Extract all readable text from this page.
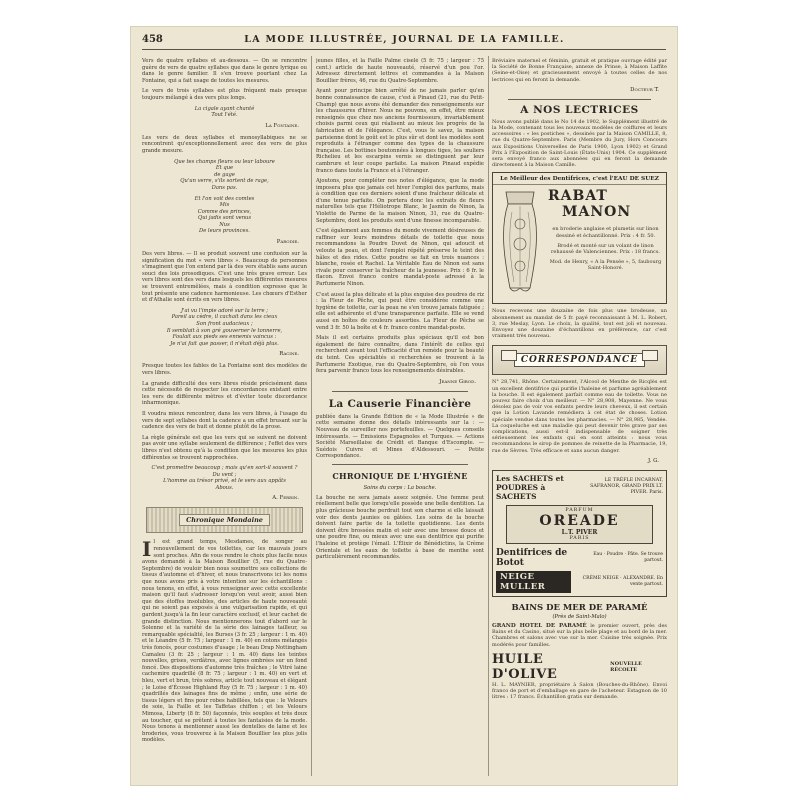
458	LA MODE ILLUSTRÉE, JOURNAL DE LA FAMILLE.

Vers de quatre syllabes et au-dessous. — On se rencontre guère de vers de quatre syllabes que dans le genre lyrique ou dans le genre familier. Il s'en trouve pourtant chez La Fontaine, qui a fait usage de toutes les mesures.

Le vers de trois syllabes est plus fréquent mais presque toujours mélangé à des vers plus longs.

La cigale ayant chanté
Tout l'été.

La Fontaine.

Les vers de deux syllabes et monosyllabiques ne se rencontrent qu'exceptionnellement avec des vers de plus grande mesure.

Que tes champs fleurs ou leur laboure
Et que
de gage
Qu'un verre, s'ils sortent de rage,
Dans pas.

Et l'on voit des comtes
Mis
Comme des princes,
Qui jadis sont venus
Nus
De leurs provinces.

Parodie.

Des vers libres. — Il se produit souvent une confusion sur la signification du mot « vers libres ». Beaucoup de personnes s'imaginent que l'on entend par là des vers établis sans aucun souci des lois prosodiques. C'est une très grave erreur. Les vers libres sont des vers dans lesquels les différentes mesures se trouvent entremêlées, mais à condition expresse que le tout présente une cadence harmonieuse. Les chœurs d'Esther et d'Athalie sont écrits en vers libres.

J'ai vu l'impie adoré sur la terre ;
Pareil au cèdre, il cachait dans les cieux
Son front audacieux ;
Il semblait à son gré gouverner le tonnerre,
Foulait aux pieds ses ennemis vaincus :
Je n'ai fait que passer, il n'était déjà plus.

Racine.

Presque toutes les fables de La Fontaine sont des modèles de vers libres.

La grande difficulté des vers libres réside précisément dans cette nécessité de respecter les concordances existant entre les vers de différente mètres et d'éviter toute discordance inharmonique.

Il voudra mieux rencontrer, dans les vers libres, à l'usage du vers de sept syllabes dont la cadence a un effet brusant sur la cadence des vers de huit et donne plutôt de la prose.

La règle générale est que les vers qui se suivent ne doivent pas avoir une syllabe seulement de différence ; l'effet des vers libres n'est obtenu qu'à la condition que les mesures les plus différentes se trouvent rapprochées.

C'est promettre beaucoup ; mais qu'en sort-il souvent ?
Du vent ;
L'homme au trésor privé, et le vers aux appâts
Abous.

A. Ferrin.

Chronique Mondaine

Il est grand temps, Mesdames, de songer au renouvellement de vos toilettes, car les mauvais jours sont proches. Afin de vous rendre le choix plus facile nous avons demandé à la Maison Bouillier (5, rue du Quatre-Septembre) de vouloir bien nous soumettre ses collections de tissus d'automne et d'hiver, et nous transcrivons ici les noms que nous avons pris à votre intention sur les échantillons : nous tenons, en effet, à vous renseigner avec cette excellente maison qu'il faut s'adresser lorsqu'on veut avoir, aussi bien que des étoffes insolubles, des articles de haute nouveauté qui ne soient pas exposés à une vulgarisation rapide, et qui gardent jusqu'à la fin leur caractère exclusif, et leur cachet de grande distinction. Nous mentionnerons tout d'abord sur le Solenne et la variété de la série des lainages tailleur, sa remarquable spécialité, les Burses (3 fr. 25 ; largeur : 1 m. 40) et le Léandre (5 fr. 75 ; largeur : 1 m. 40) en cotons mélangés très foncés, pour costumes d'usage ; le beau Drap Nottingham Camaïeu (3 fr. 25 ; largeur : 1 m. 40) dans les teintes nouvelles, grises, verdâtres, avec lignes ombrées sur un fond foncé. Des dispositions d'automne très fraîches ; le Vitré laine cachemire quadrillé (8 fr. 75 ; largeur : 1 m. 40) en vert et bleu, vert et brun, très sobres, article tout nouveau et élégant ; le Loise d'Écosse Highland Ruy (5 fr. 75 ; largeur : 1 m. 40) quadrillés des lainages fins de même ; enfin, une série de tissus légers et fins pour robes habillées, tels que : le Velours de soie, la Faille et les Taffetas chiffon ; et les Velours Mimosa, Liberty (8 fr. 50) façonnés, très souples et très doux au toucher, qui se prêtent à toutes les fantaisies de la mode. Nous tenons à mentionner aussi les dentelles de laine et les broderies, vous trouverez à la Maison Bouillier les plus jolis modèles.

jeunes filles, et la Faille Palme ciselé (5 fr. 75 ; largeur : 75 cent.) article de haute nouveauté, réservé d'un pou l'or. Adressez directement lettres et commandes à la Maison Bouillier frères, 46, rue du Quatre-Septembre.

Ayant pour principe bien arrêté de ne jamais parler qu'en bonne connaissance de cause, c'est à Pinaud (21, rue du Petit-Champ) que nous avons été demander des renseignements sur les chaussures d'hiver. Nous ne pouvons, en effet, être mieux renseignés que chez nos anciens fournisseurs, invariablement choisis parmi ceux qui réalisent au mieux les progrès de la fabrication et de l'élégance. C'est, vous le savez, la maison parisienne dont le goût est le plus sûr et dont les modèles sont reproduits à l'étranger comme des types de la chaussure française. Les bottines boutonnées à longues tiges, les souliers Richelieu et les escarpins vernis se distinguent par leur cambrure et leur coupe parfaite. La maison Pinaud expédie franco dans toute la France et à l'étranger.

Ajoutons, pour compléter nos notes d'élégance, que la mode imposera plus que jamais cet hiver l'emploi des parfums, mais à condition que ces derniers soient d'une fraîcheur délicate et d'une tenue parfaite. On portera donc les extraits de fleurs naturelles tels que l'Héliotrope Blanc, le Jasmin de Ninon, la Violette de Parme de la maison Ninon, 31, rue du Quatre-Septembre, dont les produits sont d'une finesse incomparable.

C'est également aux femmes du monde vivement désireuses de raffiner sur leurs moindres détails de toilette que nous recommandons la Poudre Duvet de Ninon, qui adoucit et veloute la peau, et dont l'emploi répété préserve le teint des hâles et des rides. Cette poudre se fait en trois nuances : blanche, rosée et Rachel. La Véritable Eau de Ninon est sans rivale pour conserver la fraîcheur de la jeunesse. Prix : 6 fr. le flacon. Envoi franco contre mandat-poste adressé à la Parfumerie Ninon.

C'est aussi la plus délicate et la plus exquise des poudres de riz : la Fleur de Pêche, qui peut être considérée comme une hygiène de toilette, car la peau ne s'en trouve jamais fatiguée ; elle est adhérente et d'une transparence parfaite. Elle se vend aussi en boîtes de couleurs assorties. La Fleur de Pêche se vend 3 fr. 50 la boîte et 4 fr. franco contre mandat-poste.

Mais il est certains produits plus spéciaux qu'il est bon également de faire connaître, dans l'intérêt de celles qui recherchent avant tout l'efficacité d'un remède pour la beauté du teint. Ces spécialités si recherchées se trouvent à la Parfumerie Exotique, rue du Quatre-Septembre, où l'on vous fera parvenir franco tous les renseignements désirables.

Jeanne Girod.

La Causerie Financière

publiée dans la Grande Édition de « la Mode Illustrée » de cette semaine donne des détails intéressants sur la : — Nouveau de surveiller nos portefeuilles. — Quelques conseils intéressants. — Emissions Espagnoles et Turques. — Actions Société Marseillaise de Crédit et Banque d'Escompte. — Suédois Cuivre et Mines d'Aldessouri. — Petite Correspondance.

CHRONIQUE DE L'HYGIÈNE

Soins du corps : La bouche.

La bouche ne sera jamais assez soignée. Une femme peut réellement belle que lorsqu'elle possède une belle dentition. La plus grâcieuse bouche perdrait tout son charme si elle laissait voir des dents jaunies ou gâtées. Les soins de la bouche doivent faire partie de la toilette quotidienne. Les dents doivent être brossées matin et soir avec une brosse douce et une poudre fine, ou mieux avec une eau dentifrice qui purifie l'haleine et protège l'émail. L'Élixir de Bénédictins, la Crème Orientale et les eaux de toilette à base de menthe sont particulièrement recommandés.

Bréviaire maternel et féminin, gratuit et pratique ouvrage édité par la Société de Bonne Française, annexe de Prinse, à Maison Laffite (Seine-et-Oise) et gracieusement envoyé à toutes celles de nos lectrices qui en feront la demande.

Docteur T.

A NOS LECTRICES

Nous avons publié dans le No 14 de 1902, le Supplément illustré de la Mode, contenant tous les nouveaux modèles de coiffures et leurs accessoires : « les postiches », dessinés par la Maison CAMILLE, 8, rue du Quatre-Septembre. Paris (Membre du Jury, Hors Concours aux Expositions Universelles de Paris 1900, Lyon 1902) et Grand Prix à l'Exposition de Saint-Louis (États-Unis) 1904. Ce supplément sera envoyé franco aux abonnées qui en feront la demande directement à la Maison Camille.

Le Meilleur des Dentifrices, c'est l'EAU DE SUEZ
RABAT
MANON

en broderie anglaise et plumetis sur linon dessiné et échantillonné. Prix : 4 fr. 50.

Brodé et monté sur un volant de linon rehaussé de Valenciennes. Prix : 18 francs.

Mod. de Henry, « A la Pensée », 5, faubourg Saint-Honoré.

Nous recevons une douzaine de fois plus une brodeuse, un abonnement au mandat de 5 fr. payé reconnaissant à M. L. Robert, 3, rue Meslay, Lyon. Le choix, la qualité, tout est joli et nouveau. Envoyez une douzaine d'échantillons en préférence, car c'est vraiment très nouveau.

CORRESPONDANCE

N° 28,741, Rhône. Certainement, l'Alcool de Menthe de Ricqlès est un excellent dentifrice qui purifie l'haleine et parfume agréablement la bouche. Il est également parfait comme eau de toilette. Vous ne pouvez faire choix d'un meilleur. — N° 28,908, Mayenne. Ne vous désolez pas de voir vos enfants perdre leurs cheveux, il est certain que la Lotion Lavande remédiera à cet état de choses. Lotion spéciale vendue dans toutes les pharmacies. — N° 28,985, Vendée. La coqueluche est une maladie qui peut devenir très grave par ses complications, aussi est-il indispensable de soigner très sérieusement les enfants qui en sont atteints : nous vous recommandons le sirop de pommes de reinette de la Pharmacie, 19, rue de Sèvres. Très efficace et sans aucun danger.

J. G.

Les SACHETS et POUDRES à SACHETS
LE TRÈFLE INCARNAT, SAFRANOR, GRAND PRIX LT. PIVER. Paris.
PARFUM
OREADE
L.T. PIVER
PARIS
Dentifrices de Botot
Eau · Poudre · Pâte. Se trouve partout.
NEIGE MULLER
CRÈME NEIGE · ALEXANDRE. En vente partout.
BAINS DE MER DE PARAMÉ

(Près de Saint-Malo)

GRAND HOTEL DE PARAMÉ le premier ouvert, près des Bains et du Casino, situé sur la plus belle plage et au bord de la mer. Chambres et salons avec vue sur la mer. Cuisine très soignée. Prix modérés pour familles.

HUILE D'OLIVE
NOUVELLE RÉCOLTE

H. L. MAYNIER, propriétaire à Salon (Bouches-du-Rhône). Envoi franco de port et d'emballage en gare de l'acheteur. Estagnon de 10 litres : 17 francs. Échantillon gratis sur demande.
